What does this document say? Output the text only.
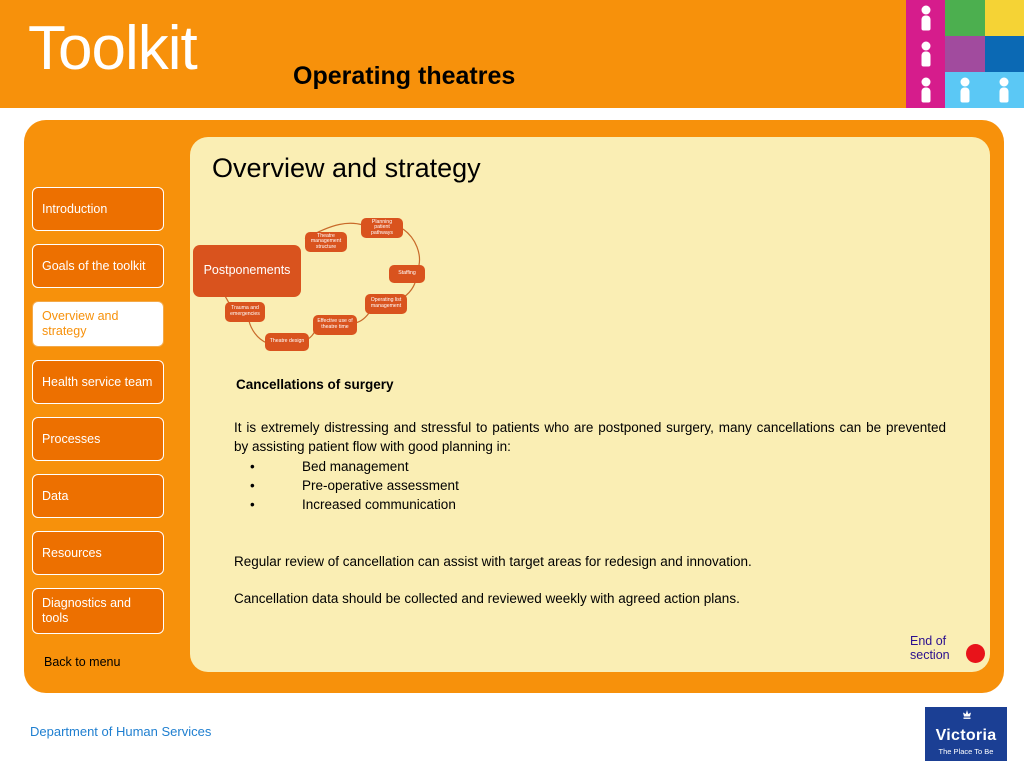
Toolkit	Operating theatres
Introduction
Goals of the toolkit
Overview and strategy
Health service team
Processes
Data
Resources
Diagnostics and tools
Back to menu
Overview and strategy
Postponements
Theatre management structure
Planning patient pathways
Staffing
Operating list management
Effective use of theatre time
Theatre design
Trauma and emergencies
Cancellations of surgery
It is extremely distressing and stressful to patients who are postponed surgery, many cancellations can be prevented by assisting patient flow with good planning in:
•	Bed management
•	Pre-operative assessment
•	Increased communication
Regular review of cancellation can assist with target areas for redesign and innovation.
Cancellation data should be collected and reviewed weekly with agreed action plans.
End of section
Department of Human Services	Victoria
The Place To Be
